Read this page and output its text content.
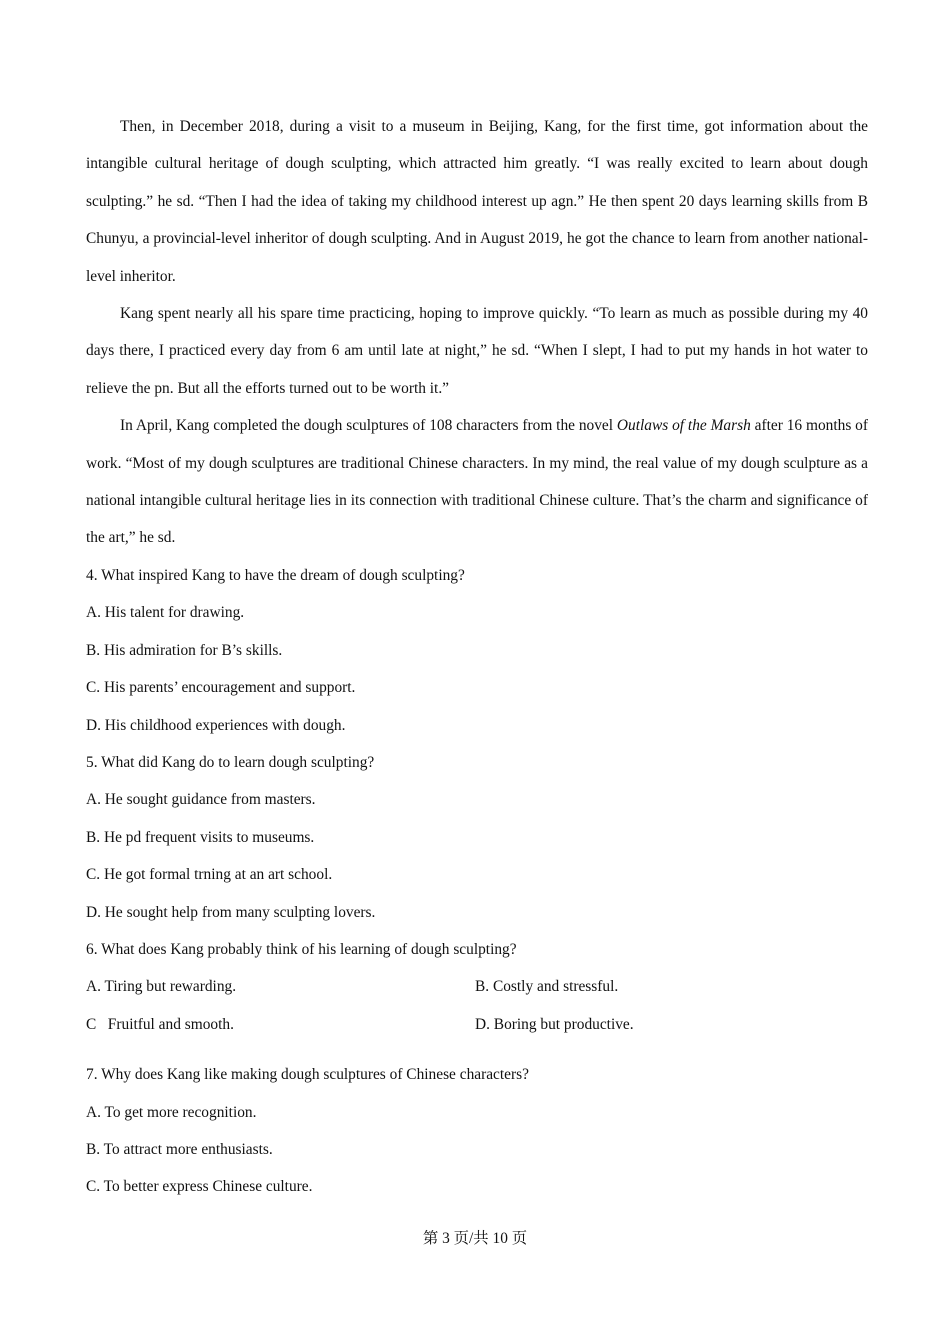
Then, in December 2018, during a visit to a museum in Beijing, Kang, for the first time, got information about the intangible cultural heritage of dough sculpting, which attracted him greatly. “I was really excited to learn about dough sculpting.” he sd. “Then I had the idea of taking my childhood interest up agn.” He then spent 20 days learning skills from B Chunyu, a provincial-level inheritor of dough sculpting. And in August 2019, he got the chance to learn from another national-level inheritor.

Kang spent nearly all his spare time practicing, hoping to improve quickly. “To learn as much as possible during my 40 days there, I practiced every day from 6 am until late at night,” he sd. “When I slept, I had to put my hands in hot water to relieve the pn. But all the efforts turned out to be worth it.”

In April, Kang completed the dough sculptures of 108 characters from the novel Outlaws of the Marsh after 16 months of work. “Most of my dough sculptures are traditional Chinese characters. In my mind, the real value of my dough sculpture as a national intangible cultural heritage lies in its connection with traditional Chinese culture. That’s the charm and significance of the art,” he sd.

4. What inspired Kang to have the dream of dough sculpting?

A. His talent for drawing.

B. His admiration for B’s skills.

C. His parents’ encouragement and support.

D. His childhood experiences with dough.

5. What did Kang do to learn dough sculpting?

A. He sought guidance from masters.

B. He pd frequent visits to museums.

C. He got formal trning at an art school.

D. He sought help from many sculpting lovers.

6. What does Kang probably think of his learning of dough sculpting?

A. Tiring but rewarding.	B. Costly and stressful.
C   Fruitful and smooth.	D. Boring but productive.

7. Why does Kang like making dough sculptures of Chinese characters?

A. To get more recognition.

B. To attract more enthusiasts.

C. To better express Chinese culture.

第 3 页/共 10 页
